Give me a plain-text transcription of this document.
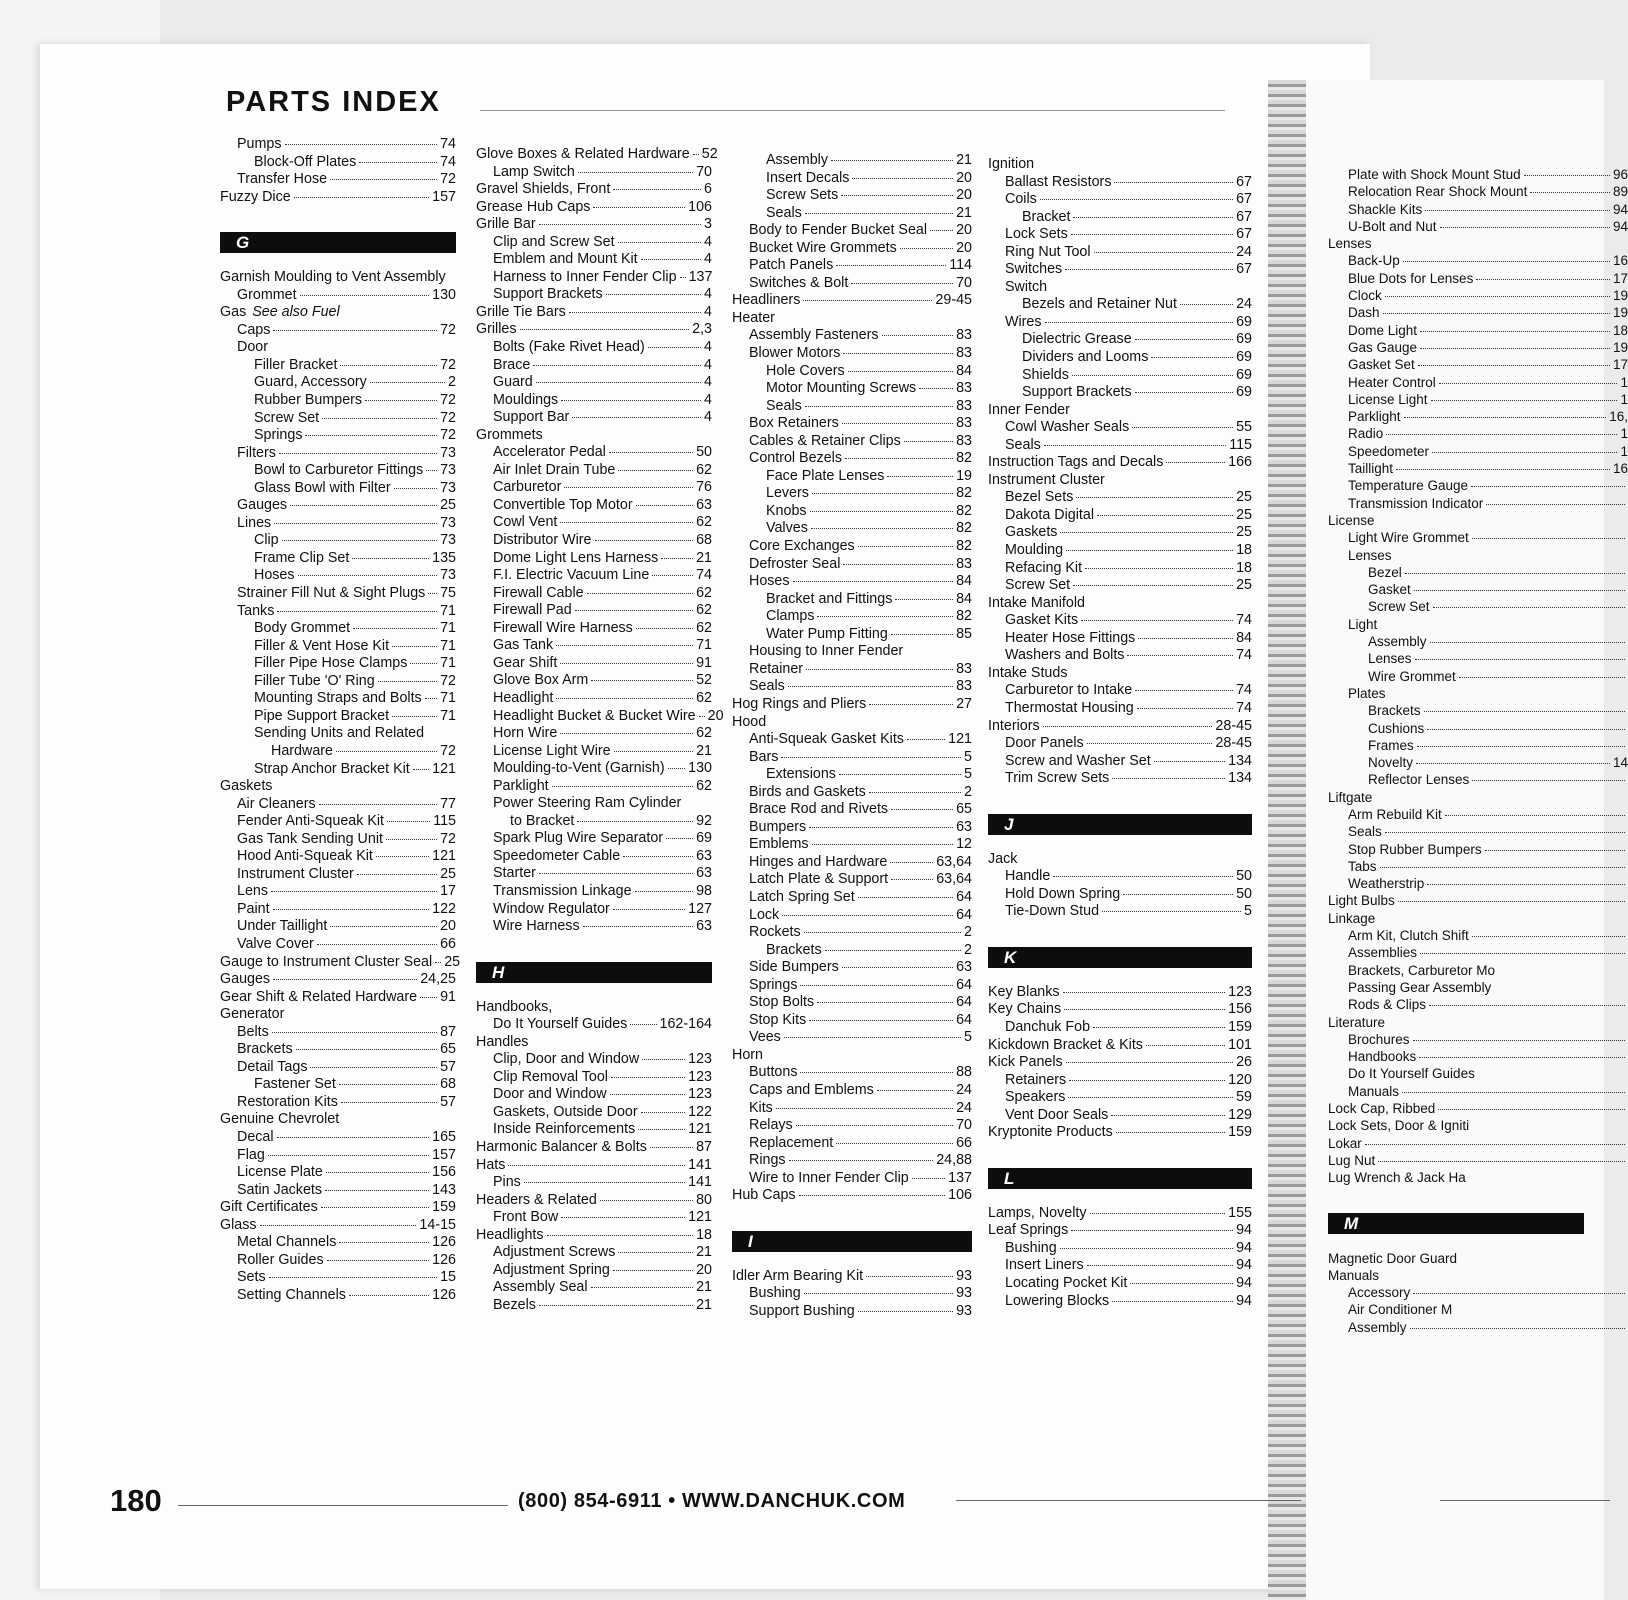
PARTS INDEX
Pumps	74
Block-Off Plates	74
Transfer Hose	72
Fuzzy Dice	157
G
Garnish Moulding to Vent Assembly
Grommet	130
Gas See also Fuel
Caps	72
Door
Filler Bracket	72
Guard, Accessory	2
Rubber Bumpers	72
Screw Set	72
Springs	72
Filters	73
Bowl to Carburetor Fittings 73
Glass Bowl with Filter	73
Gauges	25
Lines	73
Clip	73
Frame Clip Set	135
Hoses	73
Strainer Fill Nut & Sight Plugs 75
Tanks	71
Body Grommet	71
Filler & Vent Hose Kit	71
Filler Pipe Hose Clamps 71
Filler Tube 'O' Ring	72
Mounting Straps and Bolts 71
Pipe Support Bracket	71
Sending Units and Related
Hardware	72
Strap Anchor Bracket Kit 121
Gaskets
Air Cleaners	77
Fender Anti-Squeak Kit	115
Gas Tank Sending Unit	72
Hood Anti-Squeak Kit	121
Instrument Cluster	25
Lens	17
Paint	122
Under Taillight	20
Valve Cover	66
Gauge to Instrument Cluster Seal 25
Gauges	24,25
Gear Shift & Related Hardware 91
Generator
Belts	87
Brackets	65
Detail Tags	57
Fastener Set	68
Restoration Kits	57
Genuine Chevrolet
Decal	165
Flag	157
License Plate	156
Satin Jackets	143
Gift Certificates	159
Glass	14-15
Metal Channels	126
Roller Guides	126
Sets	15
Setting Channels	126
Glove Boxes & Related Hardware 52
Lamp Switch	70
Gravel Shields, Front	6
Grease Hub Caps	106
Grille Bar	3
Clip and Screw Set	4
Emblem and Mount Kit	4
Harness to Inner Fender Clip 137
Support Brackets	4
Grille Tie Bars	4
Grilles	2,3
Bolts (Fake Rivet Head)	4
Brace	4
Guard	4
Mouldings	4
Support Bar	4
Grommets
Accelerator Pedal	50
Air Inlet Drain Tube	62
Carburetor	76
Convertible Top Motor	63
Cowl Vent	62
Distributor Wire	68
Dome Light Lens Harness	21
F.I. Electric Vacuum Line	74
Firewall Cable	62
Firewall Pad	62
Firewall Wire Harness	62
Gas Tank	71
Gear Shift	91
Glove Box Arm	52
Headlight	62
Headlight Bucket & Bucket Wire 20
Horn Wire	62
License Light Wire	21
Moulding-to-Vent (Garnish) 130
Parklight	62
Power Steering Ram Cylinder
to Bracket	92
Spark Plug Wire Separator 69
Speedometer Cable	63
Starter	63
Transmission Linkage	98
Window Regulator	127
Wire Harness	63
H
Handbooks,
Do It Yourself Guides 162-164
Handles
Clip, Door and Window	123
Clip Removal Tool	123
Door and Window	123
Gaskets, Outside Door	122
Inside Reinforcements	121
Harmonic Balancer & Bolts	87
Hats	141
Pins	141
Headers & Related	80
Front Bow	121
Headlights	18
Adjustment Screws	21
Adjustment Spring	20
Assembly Seal	21
Bezels	21
Assembly	21
Insert Decals	20
Screw Sets	20
Seals	21
Body to Fender Bucket Seal 20
Bucket Wire Grommets	20
Patch Panels	114
Switches & Bolt	70
Headliners	29-45
Heater
Assembly Fasteners	83
Blower Motors	83
Hole Covers	84
Motor Mounting Screws	83
Seals	83
Box Retainers	83
Cables & Retainer Clips	83
Control Bezels	82
Face Plate Lenses	19
Levers	82
Knobs	82
Valves	82
Core Exchanges	82
Defroster Seal	83
Hoses	84
Bracket and Fittings	84
Clamps	82
Water Pump Fitting	85
Housing to Inner Fender
Retainer	83
Seals	83
Hog Rings and Pliers	27
Hood
Anti-Squeak Gasket Kits	121
Bars	5
Extensions	5
Birds and Gaskets	2
Brace Rod and Rivets	65
Bumpers	63
Emblems	12
Hinges and Hardware	63,64
Latch Plate & Support	63,64
Latch Spring Set	64
Lock	64
Rockets	2
Brackets	2
Side Bumpers	63
Springs	64
Stop Bolts	64
Stop Kits	64
Vees	5
Horn
Buttons	88
Caps and Emblems	24
Kits	24
Relays	70
Replacement	66
Rings	24,88
Wire to Inner Fender Clip	137
Hub Caps	106
I
Idler Arm Bearing Kit	93
Bushing	93
Support Bushing	93
Ignition
Ballast Resistors	67
Coils	67
Bracket	67
Lock Sets	67
Ring Nut Tool	24
Switches	67
Switch
Bezels and Retainer Nut	24
Wires	69
Dielectric Grease	69
Dividers and Looms	69
Shields	69
Support Brackets	69
Inner Fender
Cowl Washer Seals	55
Seals	115
Instruction Tags and Decals	166
Instrument Cluster
Bezel Sets	25
Dakota Digital	25
Gaskets	25
Moulding	18
Refacing Kit	18
Screw Set	25
Intake Manifold
Gasket Kits	74
Heater Hose Fittings	84
Washers and Bolts	74
Intake Studs
Carburetor to Intake	74
Thermostat Housing	74
Interiors	28-45
Door Panels	28-45
Screw and Washer Set	134
Trim Screw Sets	134
J
Jack
Handle	50
Hold Down Spring	50
Tie-Down Stud	5
K
Key Blanks	123
Key Chains	156
Danchuk Fob	159
Kickdown Bracket & Kits	101
Kick Panels	26
Retainers	120
Speakers	59
Vent Door Seals	129
Kryptonite Products	159
L
Lamps, Novelty	155
Leaf Springs	94
Bushing	94
Insert Liners	94
Locating Pocket Kit	94
Lowering Blocks	94
Plate with Shock Mount Stud	96
Relocation Rear Shock Mount	89
Shackle Kits	94
U-Bolt and Nut	94
Lenses
Back-Up	16
Blue Dots for Lenses	17
Clock	19
Dash	19
Dome Light	18
Gas Gauge	19
Gasket Set	17
Heater Control	1
License Light	1
Parklight	16,
Radio	1
Speedometer	1
Taillight	16
Temperature Gauge
Transmission Indicator
License
Light Wire Grommet
Lenses
Bezel
Gasket
Screw Set
Light
Assembly
Lenses
Wire Grommet
Plates
Brackets
Cushions
Frames
Novelty	14
Reflector Lenses
Liftgate
Arm Rebuild Kit
Seals
Stop Rubber Bumpers
Tabs
Weatherstrip
Light Bulbs
Linkage
Arm Kit, Clutch Shift
Assemblies
Brackets, Carburetor Mo
Passing Gear Assembly
Rods & Clips
Literature
Brochures
Handbooks
Do It Yourself Guides
Manuals
Lock Cap, Ribbed
Lock Sets, Door & Igniti
Lokar
Lug Nut
Lug Wrench & Jack Ha
M
Magnetic Door Guard
Manuals
Accessory
Air Conditioner M
Assembly
180	(800) 854-6911 • WWW.DANCHUK.COM
